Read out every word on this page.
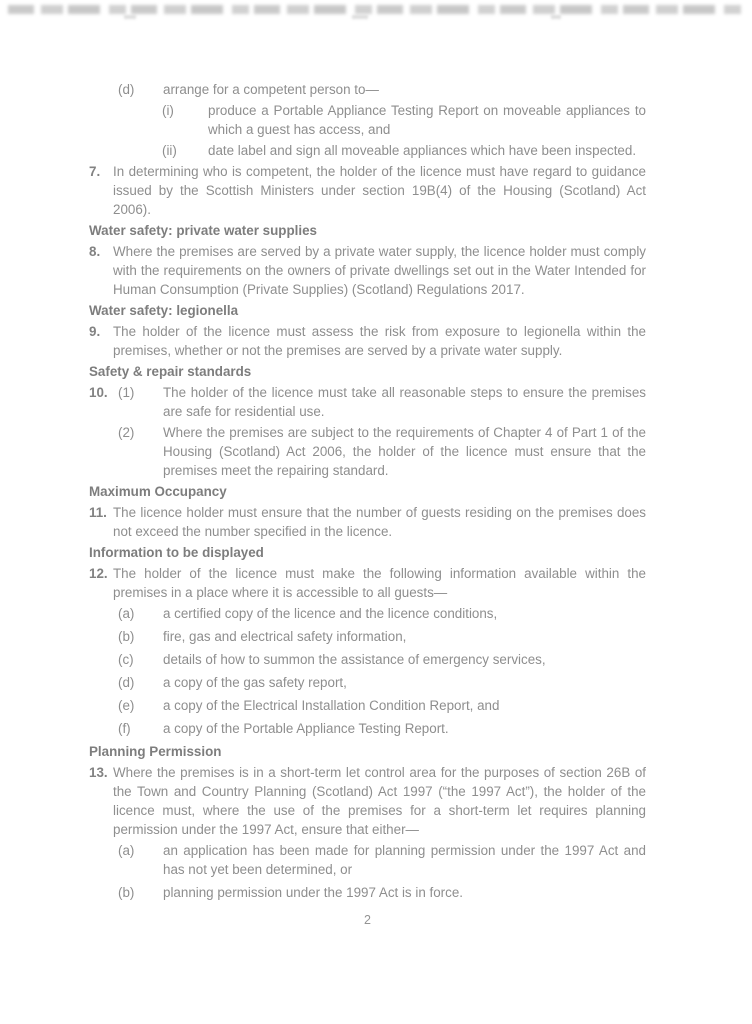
(d)	arrange for a competent person to—
(i)	produce a Portable Appliance Testing Report on moveable appliances to which a guest has access, and
(ii)	date label and sign all moveable appliances which have been inspected.
7. In determining who is competent, the holder of the licence must have regard to guidance issued by the Scottish Ministers under section 19B(4) of the Housing (Scotland) Act 2006).
Water safety: private water supplies
8. Where the premises are served by a private water supply, the licence holder must comply with the requirements on the owners of private dwellings set out in the Water Intended for Human Consumption (Private Supplies) (Scotland) Regulations 2017.
Water safety: legionella
9. The holder of the licence must assess the risk from exposure to legionella within the premises, whether or not the premises are served by a private water supply.
Safety & repair standards
10. (1)	The holder of the licence must take all reasonable steps to ensure the premises are safe for residential use.
(2)	Where the premises are subject to the requirements of Chapter 4 of Part 1 of the Housing (Scotland) Act 2006, the holder of the licence must ensure that the premises meet the repairing standard.
Maximum Occupancy
11. The licence holder must ensure that the number of guests residing on the premises does not exceed the number specified in the licence.
Information to be displayed
12. The holder of the licence must make the following information available within the premises in a place where it is accessible to all guests—
(a)	a certified copy of the licence and the licence conditions,
(b)	fire, gas and electrical safety information,
(c)	details of how to summon the assistance of emergency services,
(d)	a copy of the gas safety report,
(e)	a copy of the Electrical Installation Condition Report, and
(f)	a copy of the Portable Appliance Testing Report.
Planning Permission
13. Where the premises is in a short-term let control area for the purposes of section 26B of the Town and Country Planning (Scotland) Act 1997 (“the 1997 Act”), the holder of the licence must, where the use of the premises for a short-term let requires planning permission under the 1997 Act, ensure that either—
(a)	an application has been made for planning permission under the 1997 Act and has not yet been determined, or
(b)	planning permission under the 1997 Act is in force.
2
